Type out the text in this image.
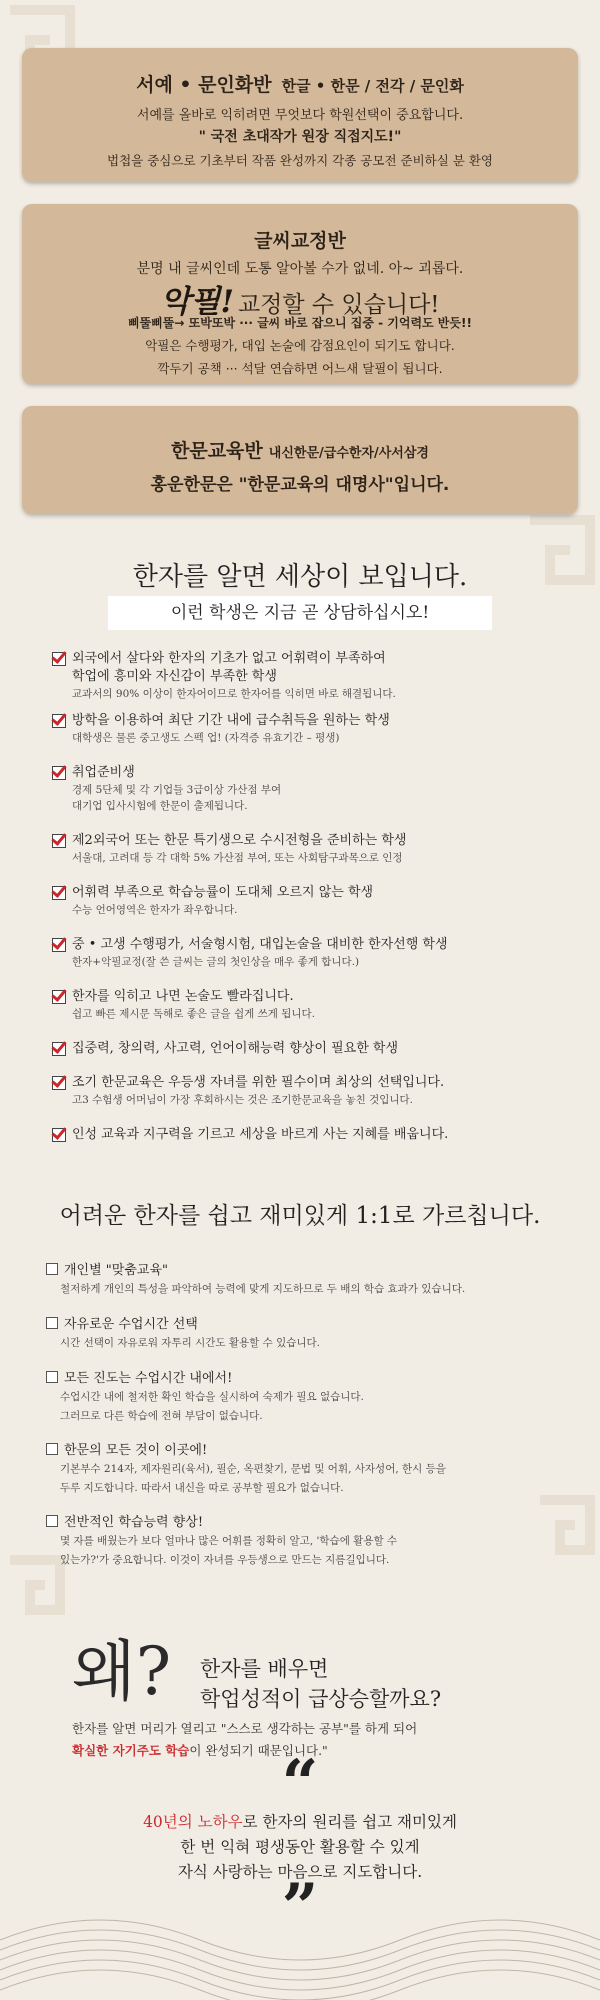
서예 • 문인화반 한글 • 한문 / 전각 / 문인화
서예를 올바로 익히려면 무엇보다 학원선택이 중요합니다.
" 국전 초대작가 원장 직접지도!"
법첩을 중심으로 기초부터 작품 완성까지 각종 공모전 준비하실 분 환영
글씨교정반
분명 내 글씨인데 도통 알아볼 수가 없네. 아~ 괴롭다.
악필! 교정할 수 있습니다!
삐뚤삐뚤→ 또박또박 ··· 글씨 바로 잡으니 집중 - 기억력도 반듯!!
악필은 수행평가, 대입 논술에 감점요인이 되기도 합니다.
깍두기 공책 ··· 석달 연습하면 어느새 달필이 됩니다.
한문교육반 내신한문/급수한자/사서삼경
홍운한문은 "한문교육의 대명사"입니다.
한자를 알면 세상이 보입니다.
이런 학생은 지금 곧 상담하십시오!
외국에서 살다와 한자의 기초가 없고 어휘력이 부족하여
학업에 흥미와 자신감이 부족한 학생
교과서의 90% 이상이 한자어이므로 한자어를 익히면 바로 해결됩니다.
방학을 이용하여 최단 기간 내에 급수취득을 원하는 학생
대학생은 물론 중고생도 스펙 업! (자격증 유효기간 – 평생)
취업준비생
경제 5단체 및 각 기업들 3급이상 가산점 부여
대기업 입사시험에 한문이 출제됩니다.
제2외국어 또는 한문 특기생으로 수시전형을 준비하는 학생
서울대, 고려대 등 각 대학 5% 가산점 부여, 또는 사회탐구과목으로 인정
어휘력 부족으로 학습능률이 도대체 오르지 않는 학생
수능 언어영역은 한자가 좌우합니다.
중 • 고생 수행평가, 서술형시험, 대입논술을 대비한 한자선행 학생
한자+악필교정(잘 쓴 글씨는 글의 첫인상을 매우 좋게 합니다.)
한자를 익히고 나면 논술도 빨라집니다.
쉽고 빠른 제시문 독해로 좋은 글을 쉽게 쓰게 됩니다.
집중력, 창의력, 사고력, 언어이해능력 향상이 필요한 학생
조기 한문교육은 우등생 자녀를 위한 필수이며 최상의 선택입니다.
고3 수험생 어머님이 가장 후회하시는 것은 조기한문교육을 놓친 것입니다.
인성 교육과 지구력을 기르고 세상을 바르게 사는 지혜를 배웁니다.
어려운 한자를 쉽고 재미있게 1:1로 가르칩니다.
개인별 "맞춤교육"
철저하게 개인의 특성을 파악하여 능력에 맞게 지도하므로 두 배의 학습 효과가 있습니다.
자유로운 수업시간 선택
시간 선택이 자유로워 자투리 시간도 활용할 수 있습니다.
모든 진도는 수업시간 내에서!
수업시간 내에 철저한 확인 학습을 실시하여 숙제가 필요 없습니다.
그러므로 다른 학습에 전혀 부담이 없습니다.
한문의 모든 것이 이곳에!
기본부수 214자, 제자원리(육서), 필순, 옥편찾기, 문법 및 어휘, 사자성어, 한시 등을
두루 지도합니다. 따라서 내신을 따로 공부할 필요가 없습니다.
전반적인 학습능력 향상!
몇 자를 배웠는가 보다 얼마나 많은 어휘를 정확히 알고, '학습에 활용할 수
있는가?'가 중요합니다. 이것이 자녀를 우등생으로 만드는 지름길입니다.
왜? 한자를 배우면
학업성적이 급상승할까요?
한자를 알면 머리가 열리고 "스스로 생각하는 공부"를 하게 되어
확실한 자기주도 학습이 완성되기 때문입니다."
“
40년의 노하우로 한자의 원리를 쉽고 재미있게
한 번 익혀 평생동안 활용할 수 있게
자식 사랑하는 마음으로 지도합니다.
”
